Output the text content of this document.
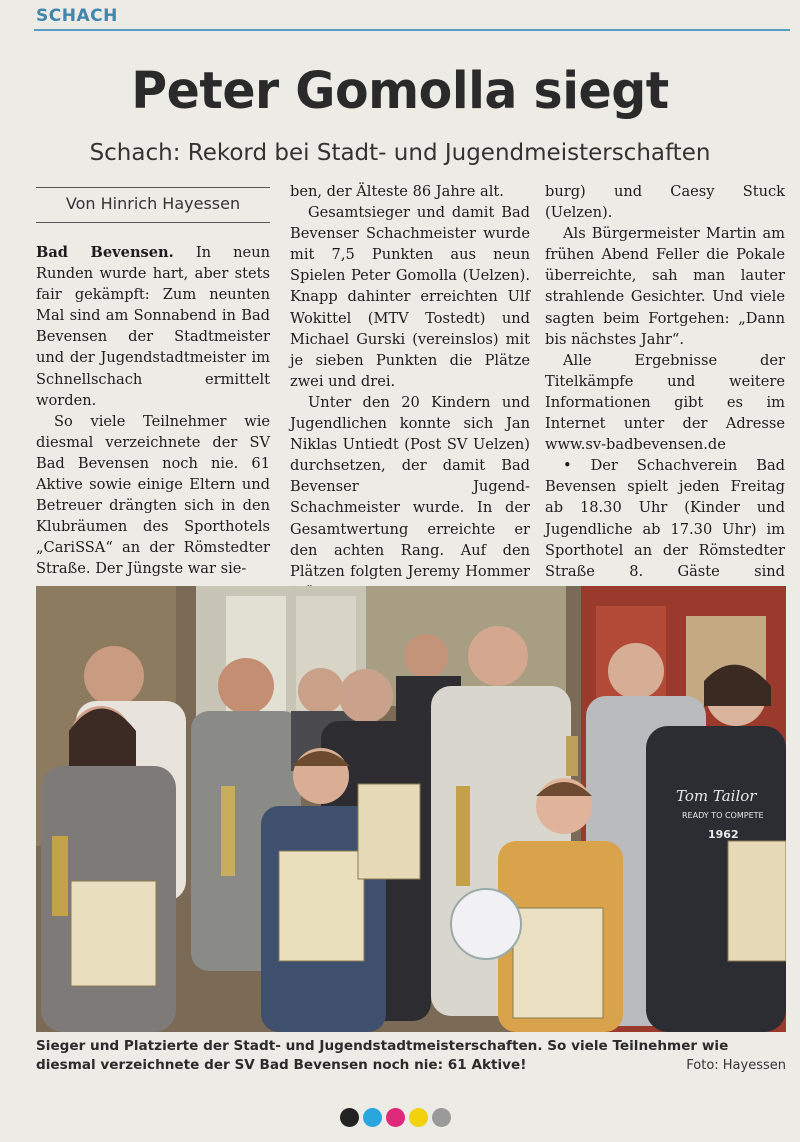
SCHACH
Peter Gomolla siegt
Schach: Rekord bei Stadt- und Jugendmeisterschaften
Von Hinrich Hayessen

Bad Bevensen. In neun Runden wurde hart, aber stets fair gekämpft: Zum neunten Mal sind am Sonnabend in Bad Bevensen der Stadtmeister und der Jugendstadtmeister im Schnellschach ermittelt worden.

So viele Teilnehmer wie diesmal verzeichnete der SV Bad Bevensen noch nie. 61 Aktive sowie einige Eltern und Betreuer drängten sich in den Klubräumen des Sporthotels „CariSSA“ an der Römstedter Straße. Der Jüngste war sie-

ben, der Älteste 86 Jahre alt.

Gesamtsieger und damit Bad Bevenser Schachmeister wurde mit 7,5 Punkten aus neun Spielen Peter Gomolla (Uelzen). Knapp dahinter erreichten Ulf Wokittel (MTV Tostedt) und Michael Gurski (vereinslos) mit je sieben Punkten die Plätze zwei und drei.

Unter den 20 Kindern und Jugendlichen konnte sich Jan Niklas Untiedt (Post SV Uelzen) durchsetzen, der damit Bad Bevenser Jugend-Schachmeister wurde. In der Gesamtwertung erreichte er den achten Rang. Auf den Plätzen folgten Jeremy Hommer

burg) und Caesy Stuck (Uelzen).

Als Bürgermeister Martin am frühen Abend Feller die Pokale überreichte, sah man lauter strahlende Gesichter. Und viele sagten beim Fortgehen: „Dann bis nächstes Jahr“.

Alle Ergebnisse der Titelkämpfe und weitere Informationen gibt es im Internet unter der Adresse www.sv-badbevensen.de

• Der Schachverein Bad Bevensen spielt jeden Freitag ab 18.30 Uhr (Kinder und Jugendliche ab 17.30 Uhr) im Sporthotel an der Römstedter Straße 8. Gäste sind

Tom Tailor
READY TO COMPETE
1962
Sieger und Platzierte der Stadt- und Jugendstadtmeisterschaften. So viele Teilnehmer wie diesmal verzeichnete der SV Bad Bevensen noch nie: 61 Aktive!	Foto: Hayessen
